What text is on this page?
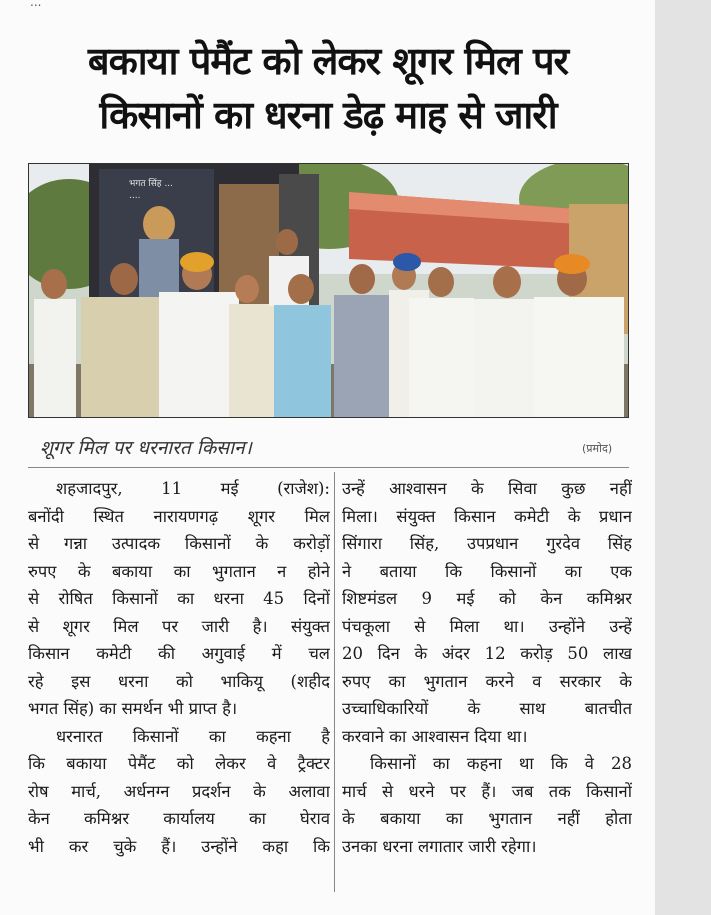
...
बकाया पेमैंट को लेकर शूगर मिल पर
किसानों का धरना डेढ़ माह से जारी
भगत सिंह ...
....
शूगर मिल पर धरनारत किसान।	(प्रमोद)
शहजादपुर, 11 मई (राजेश):
बनोंदी स्थित नारायणगढ़ शूगर मिल
से गन्ना उत्पादक किसानों के करोड़ों
रुपए के बकाया का भुगतान न होने
से रोषित किसानों का धरना 45 दिनों
से शूगर मिल पर जारी है। संयुक्त
किसान कमेटी की अगुवाई में चल
रहे इस धरना को भाकियू (शहीद
भगत सिंह) का समर्थन भी प्राप्त है।
धरनारत किसानों का कहना है
कि बकाया पेमैंट को लेकर वे ट्रैक्टर
रोष मार्च, अर्धनग्न प्रदर्शन के अलावा
केन कमिश्नर कार्यालय का घेराव
भी कर चुके हैं। उन्होंने कहा कि
उन्हें आश्वासन के सिवा कुछ नहीं
मिला। संयुक्त किसान कमेटी के प्रधान
सिंगारा सिंह, उपप्रधान गुरदेव सिंह
ने बताया कि किसानों का एक
शिष्टमंडल 9 मई को केन कमिश्नर
पंचकूला से मिला था। उन्होंने उन्हें
20 दिन के अंदर 12 करोड़ 50 लाख
रुपए का भुगतान करने व सरकार के
उच्चाधिकारियों के साथ बातचीत
करवाने का आश्वासन दिया था।
किसानों का कहना था कि वे 28
मार्च से धरने पर हैं। जब तक किसानों
के बकाया का भुगतान नहीं होता
उनका धरना लगातार जारी रहेगा।
